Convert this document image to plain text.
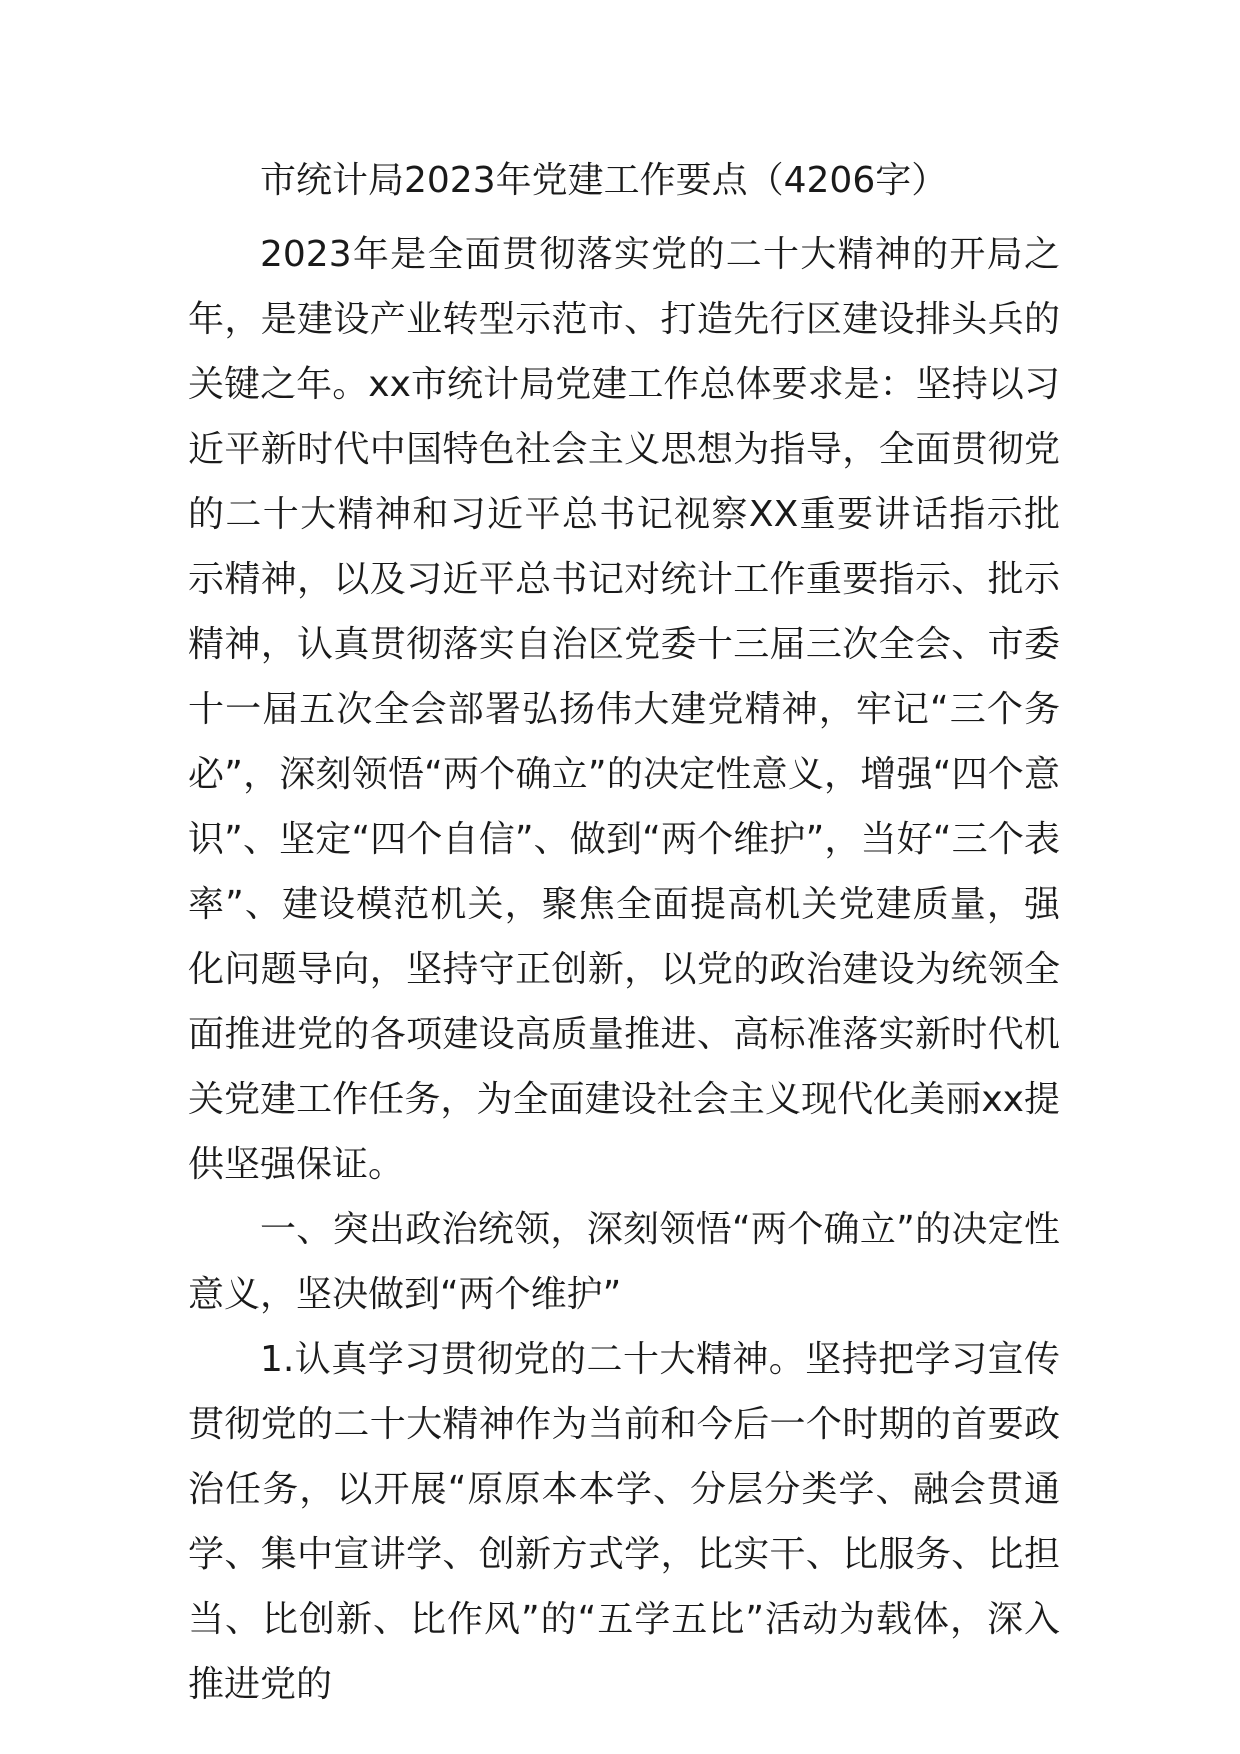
市统计局2023年党建工作要点（4206字）

2023年是全面贯彻落实党的二十大精神的开局之年，是建设产业转型示范市、打造先行区建设排头兵的关键之年。xx市统计局党建工作总体要求是：坚持以习近平新时代中国特色社会主义思想为指导，全面贯彻党的二十大精神和习近平总书记视察XX重要讲话指示批示精神，以及习近平总书记对统计工作重要指示、批示精神，认真贯彻落实自治区党委十三届三次全会、市委十一届五次全会部署弘扬伟大建党精神，牢记“三个务必”，深刻领悟“两个确立”的决定性意义，增强“四个意识”、坚定“四个自信”、做到“两个维护”，当好“三个表率”、建设模范机关，聚焦全面提高机关党建质量，强化问题导向，坚持守正创新，以党的政治建设为统领全面推进党的各项建设高质量推进、高标准落实新时代机关党建工作任务，为全面建设社会主义现代化美丽xx提供坚强保证。

一、突出政治统领，深刻领悟“两个确立”的决定性意义，坚决做到“两个维护”

1.认真学习贯彻党的二十大精神。坚持把学习宣传贯彻党的二十大精神作为当前和今后一个时期的首要政治任务，以开展“原原本本学、分层分类学、融会贯通学、集中宣讲学、创新方式学，比实干、比服务、比担当、比创新、比作风”的“五学五比”活动为载体，深入推进党的
